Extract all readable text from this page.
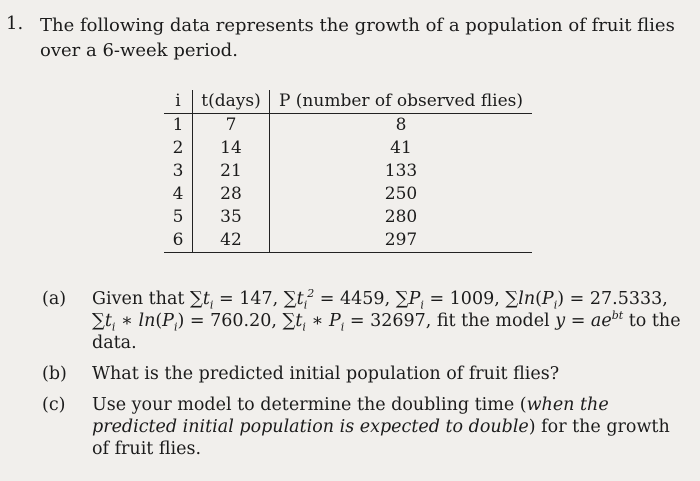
1. The following data represents the growth of a population of fruit flies over a 6-week period.
i	t(days)	P (number of observed flies)
1	7	8
2	14	41
3	21	133
4	28	250
5	35	280
6	42	297
(a) Given that $\sum t_i = 147$, $\sum t_i^2 = 4459$, $\sum P_i = 1009$, $\sum\ln(P_i) = 27.5333$, $\sum t_i$ ∗ $\ln(P_i) = 760.20$, $\sum t_i$ ∗ $P_i = 32697$, fit the model $y = ae^{bt}$ to the data.
(b) What is the predicted initial population of fruit flies?
(c) Use your model to determine the doubling time (when the predicted initial population is expected to double) for the growth of fruit flies.
